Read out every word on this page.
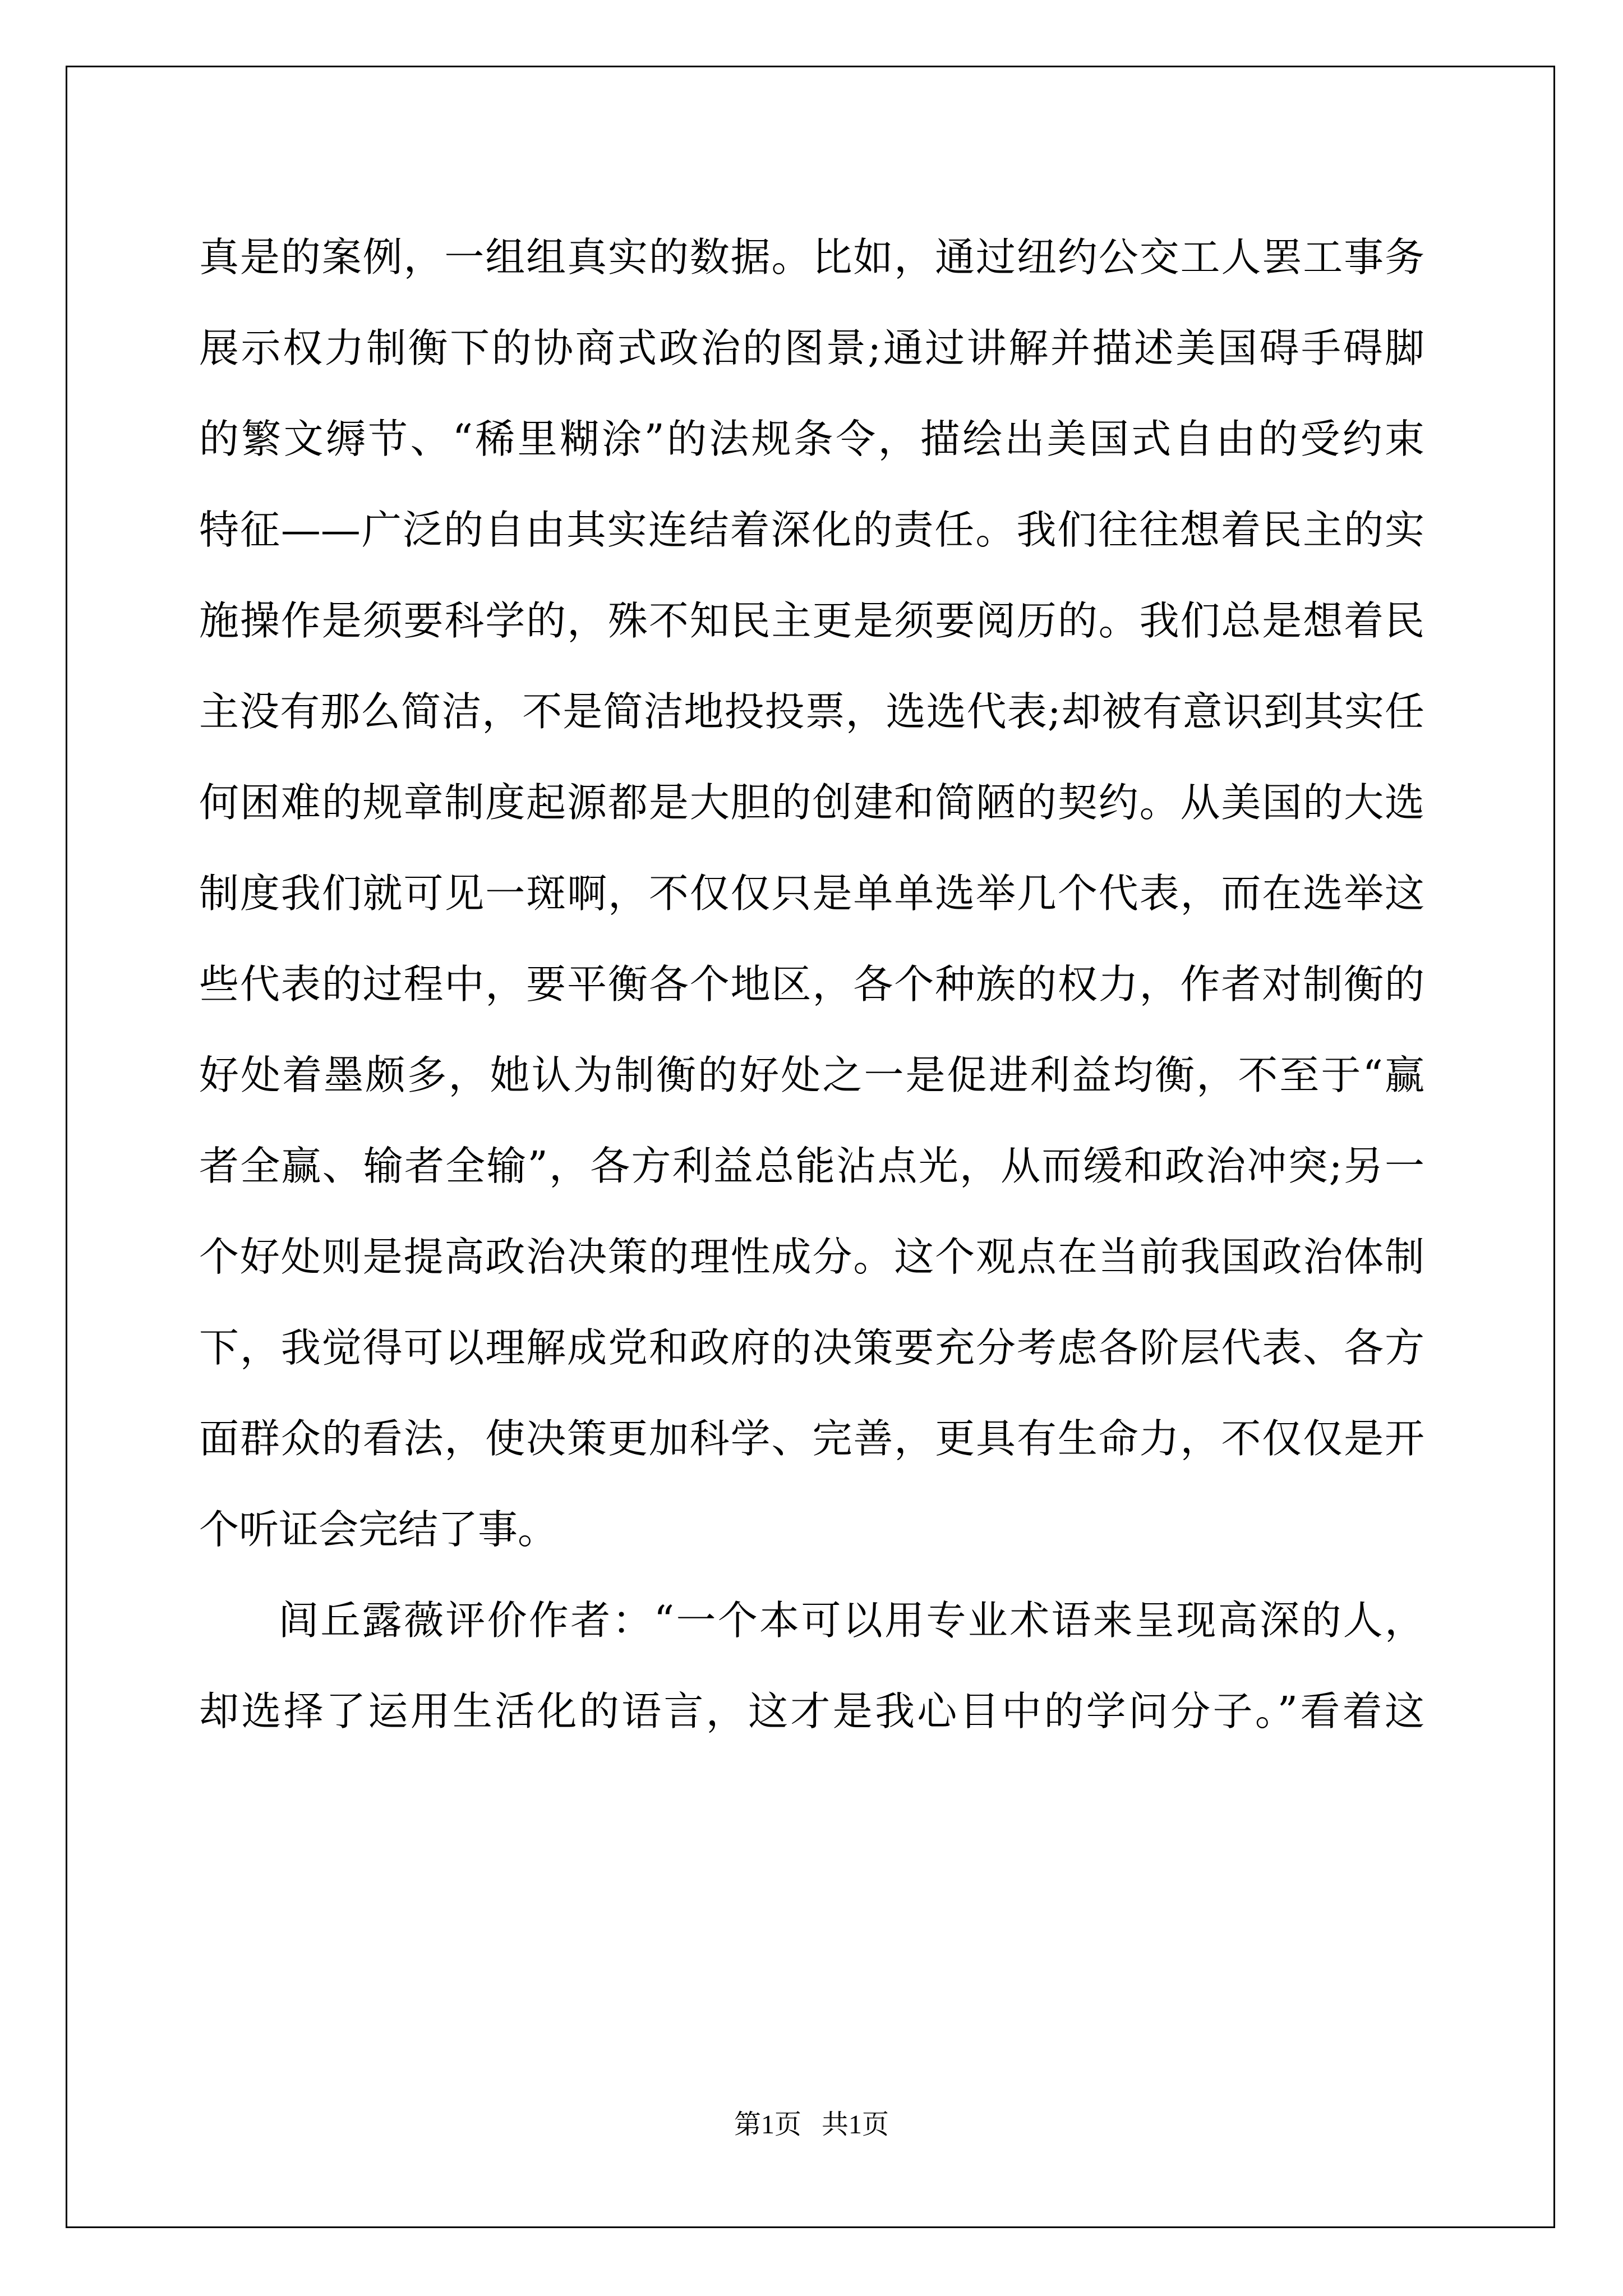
真是的案例，一组组真实的数据。比如，通过纽约公交工人罢工事务
展示权力制衡下的协商式政治的图景;通过讲解并描述美国碍手碍脚
的繁文缛节、“稀里糊涂”的法规条令，描绘出美国式自由的受约束
特征——广泛的自由其实连结着深化的责任。我们往往想着民主的实
施操作是须要科学的，殊不知民主更是须要阅历的。我们总是想着民
主没有那么简洁，不是简洁地投投票，选选代表;却被有意识到其实任
何困难的规章制度起源都是大胆的创建和简陋的契约。从美国的大选
制度我们就可见一斑啊，不仅仅只是单单选举几个代表，而在选举这
些代表的过程中，要平衡各个地区，各个种族的权力，作者对制衡的
好处着墨颇多，她认为制衡的好处之一是促进利益均衡，不至于“赢
者全赢、输者全输”，各方利益总能沾点光，从而缓和政治冲突;另一
个好处则是提高政治决策的理性成分。这个观点在当前我国政治体制
下，我觉得可以理解成党和政府的决策要充分考虑各阶层代表、各方
面群众的看法，使决策更加科学、完善，更具有生命力，不仅仅是开
个听证会完结了事。
闾丘露薇评价作者：“一个本可以用专业术语来呈现高深的人，
却选择了运用生活化的语言，这才是我心目中的学问分子。”看着这
第1页   共1页
